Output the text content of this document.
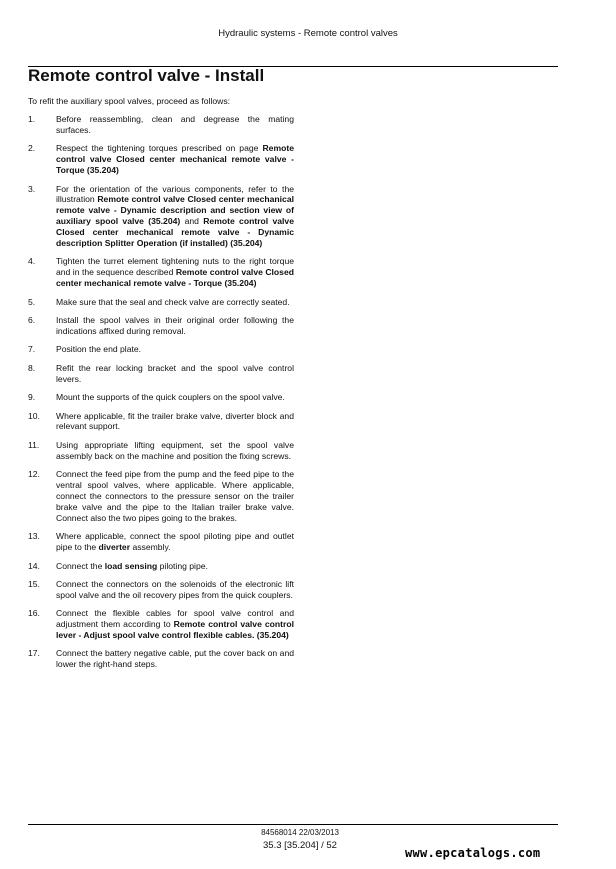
Hydraulic systems - Remote control valves
Remote control valve - Install
To refit the auxiliary spool valves, proceed as follows:
1.	Before reassembling, clean and degrease the mating surfaces.
2.	Respect the tightening torques prescribed on page Remote control valve Closed center mechanical remote valve - Torque (35.204)
3.	For the orientation of the various components, refer to the illustration Remote control valve Closed center mechanical remote valve - Dynamic description and section view of auxiliary spool valve (35.204) and Remote control valve Closed center mechanical remote valve - Dynamic description Splitter Operation (if installed) (35.204)
4.	Tighten the turret element tightening nuts to the right torque and in the sequence described Remote control valve Closed center mechanical remote valve - Torque (35.204)
5.	Make sure that the seal and check valve are correctly seated.
6.	Install the spool valves in their original order following the indications affixed during removal.
7.	Position the end plate.
8.	Refit the rear locking bracket and the spool valve control levers.
9.	Mount the supports of the quick couplers on the spool valve.
10.	Where applicable, fit the trailer brake valve, diverter block and relevant support.
11.	Using appropriate lifting equipment, set the spool valve assembly back on the machine and position the fixing screws.
12.	Connect the feed pipe from the pump and the feed pipe to the ventral spool valves, where applicable. Where applicable, connect the connectors to the pressure sensor on the trailer brake valve and the pipe to the Italian trailer brake valve. Connect also the two pipes going to the brakes.
13.	Where applicable, connect the spool piloting pipe and outlet pipe to the diverter assembly.
14.	Connect the load sensing piloting pipe.
15.	Connect the connectors on the solenoids of the electronic lift spool valve and the oil recovery pipes from the quick couplers.
16.	Connect the flexible cables for spool valve control and adjustment them according to Remote control valve control lever - Adjust spool valve control flexible cables. (35.204)
17.	Connect the battery negative cable, put the cover back on and lower the right-hand steps.
84568014 22/03/2013
35.3 [35.204] / 52
www.epcatalogs.com
